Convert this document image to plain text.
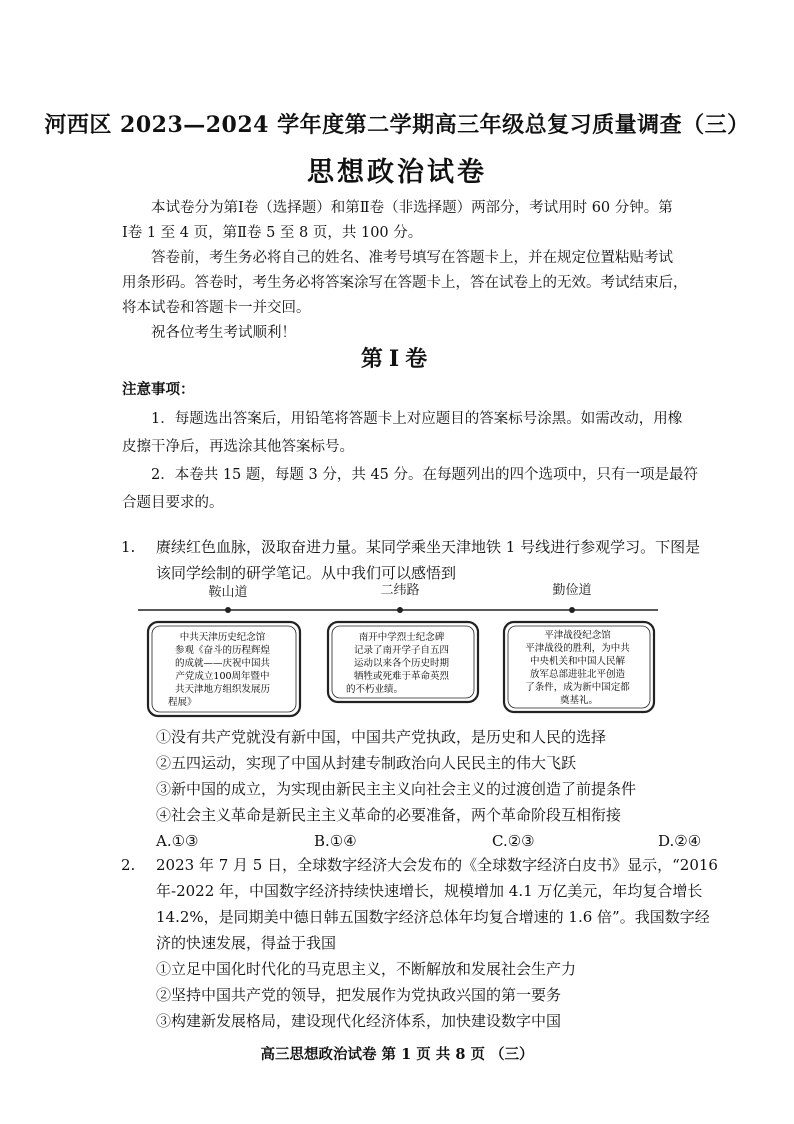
河西区 2023—2024 学年度第二学期高三年级总复习质量调查（三）
思想政治试卷

本试卷分为第Ⅰ卷（选择题）和第Ⅱ卷（非选择题）两部分，考试用时 60 分钟。第

Ⅰ卷 1 至 4 页，第Ⅱ卷 5 至 8 页，共 100 分。

答卷前，考生务必将自己的姓名、准考号填写在答题卡上，并在规定位置粘贴考试

用条形码。答卷时，考生务必将答案涂写在答题卡上，答在试卷上的无效。考试结束后，

将本试卷和答题卡一并交回。

祝各位考生考试顺利！

第Ⅰ卷
注意事项：

1．每题选出答案后，用铅笔将答题卡上对应题目的答案标号涂黑。如需改动，用橡

皮擦干净后，再选涂其他答案标号。

2．本卷共 15 题，每题 3 分，共 45 分。在每题列出的四个选项中，只有一项是最符

合题目要求的。

1. 赓续红色血脉，汲取奋进力量。某同学乘坐天津地铁 1 号线进行参观学习。下图是

该同学绘制的研学笔记。从中我们可以感悟到

鞍山道	二纬路	勤俭道
中共天津历史纪念馆 参观《奋斗的历程辉煌 的成就——庆祝中国共 产党成立100周年暨中 共天津地方组织发展历 程展》
南开中学烈士纪念碑 记录了南开学子自五四 运动以来各个历史时期 牺牲或死难于革命英烈 的不朽业绩。
平津战役纪念馆 平津战役的胜利，为中共 中央机关和中国人民解 放军总部进驻北平创造 了条件，成为新中国定都 奠基礼。

①没有共产党就没有新中国，中国共产党执政，是历史和人民的选择

②五四运动，实现了中国从封建专制政治向人民民主的伟大飞跃

③新中国的成立，为实现由新民主主义向社会主义的过渡创造了前提条件

④社会主义革命是新民主主义革命的必要准备，两个革命阶段互相衔接

A.①③	B.①④	C.②③	D.②④
2. 2023 年 7 月 5 日，全球数字经济大会发布的《全球数字经济白皮书》显示，“2016

年-2022 年，中国数字经济持续快速增长，规模增加 4.1 万亿美元，年均复合增长

14.2%，是同期美中德日韩五国数字经济总体年均复合增速的 1.6 倍”。我国数字经

济的快速发展，得益于我国

①立足中国化时代化的马克思主义，不断解放和发展社会生产力

②坚持中国共产党的领导，把发展作为党执政兴国的第一要务

③构建新发展格局，建设现代化经济体系，加快建设数字中国

高三思想政治试卷 第 1 页 共 8 页 （三）
